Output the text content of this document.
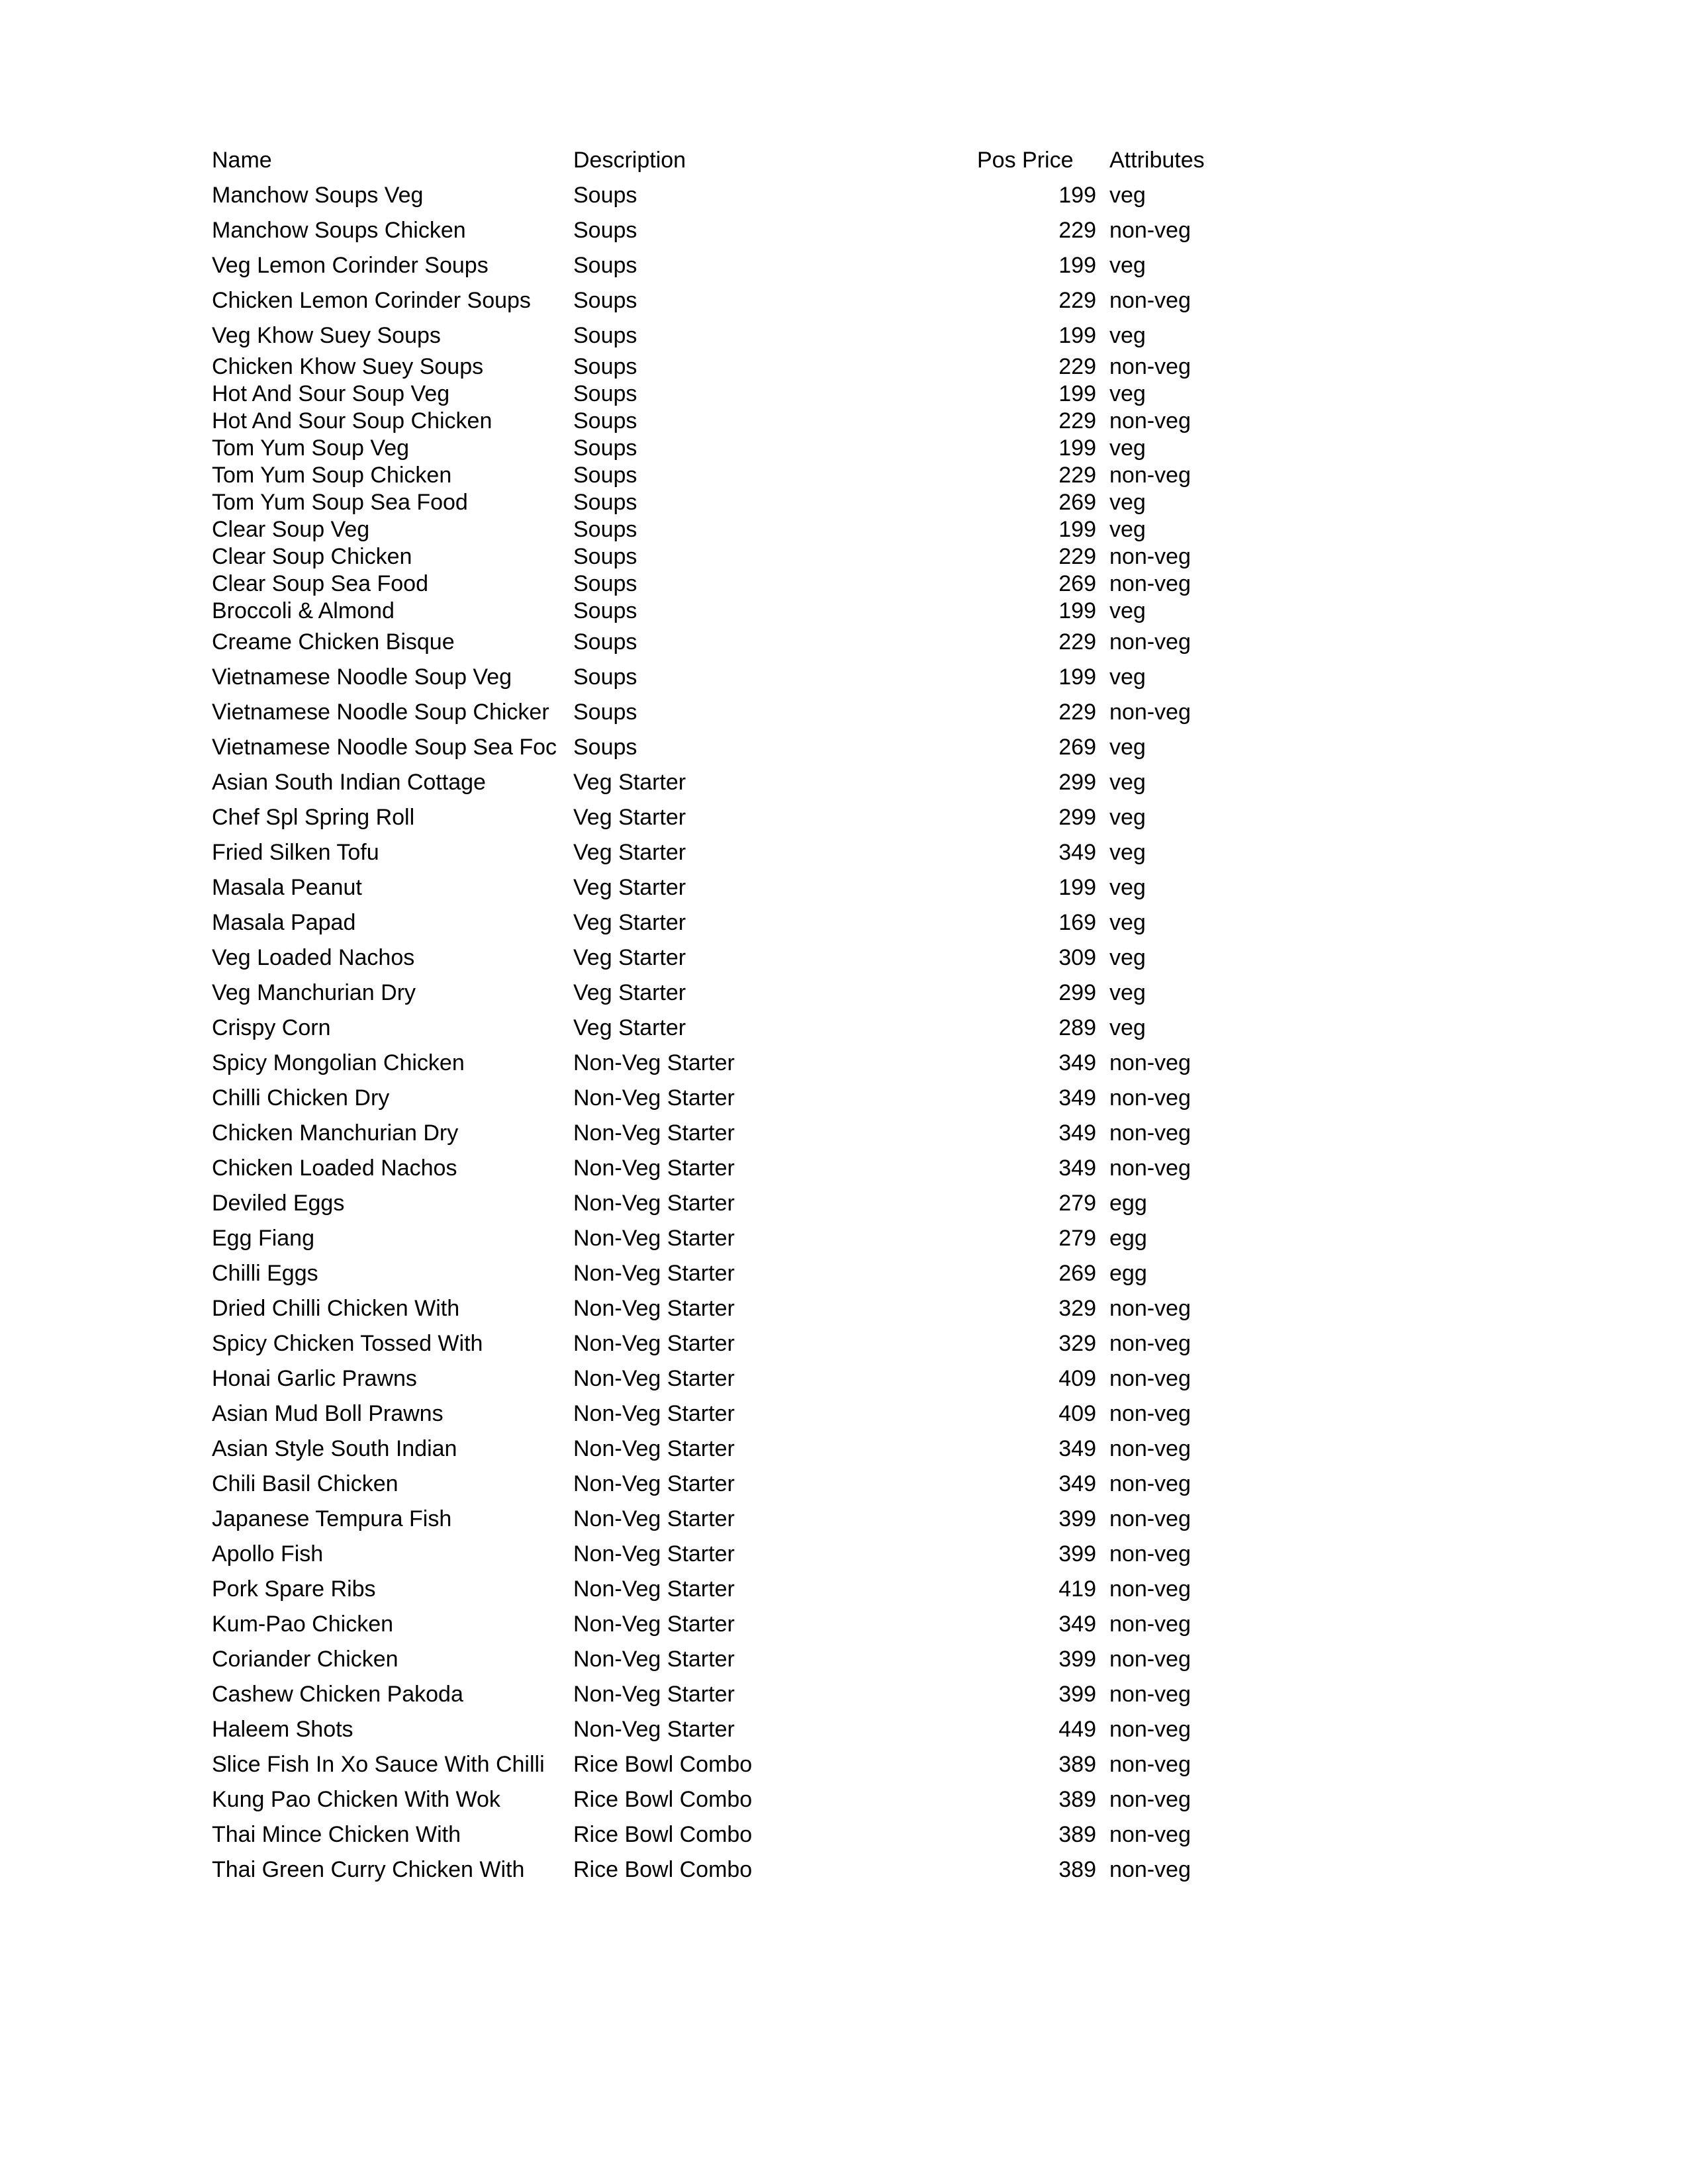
Name	Description	Pos Price	Attributes
Manchow Soups Veg	Soups	199	veg
Manchow Soups Chicken	Soups	229	non-veg
Veg Lemon Corinder Soups	Soups	199	veg
Chicken Lemon Corinder Soups	Soups	229	non-veg
Veg Khow Suey Soups	Soups	199	veg
Chicken Khow Suey Soups	Soups	229	non-veg
Hot And Sour Soup Veg	Soups	199	veg
Hot And Sour Soup Chicken	Soups	229	non-veg
Tom Yum Soup Veg	Soups	199	veg
Tom Yum Soup Chicken	Soups	229	non-veg
Tom Yum Soup Sea Food	Soups	269	veg
Clear Soup Veg	Soups	199	veg
Clear Soup Chicken	Soups	229	non-veg
Clear Soup Sea Food	Soups	269	non-veg
Broccoli & Almond	Soups	199	veg
Creame Chicken Bisque	Soups	229	non-veg
Vietnamese Noodle Soup Veg	Soups	199	veg
Vietnamese Noodle Soup Chicker	Soups	229	non-veg
Vietnamese Noodle Soup Sea Foc	Soups	269	veg
Asian South Indian Cottage	Veg Starter	299	veg
Chef Spl Spring Roll	Veg Starter	299	veg
Fried Silken Tofu	Veg Starter	349	veg
Masala Peanut	Veg Starter	199	veg
Masala Papad	Veg Starter	169	veg
Veg Loaded Nachos	Veg Starter	309	veg
Veg Manchurian Dry	Veg Starter	299	veg
Crispy Corn	Veg Starter	289	veg
Spicy Mongolian Chicken	Non-Veg Starter	349	non-veg
Chilli Chicken Dry	Non-Veg Starter	349	non-veg
Chicken Manchurian Dry	Non-Veg Starter	349	non-veg
Chicken Loaded Nachos	Non-Veg Starter	349	non-veg
Deviled Eggs	Non-Veg Starter	279	egg
Egg Fiang	Non-Veg Starter	279	egg
Chilli Eggs	Non-Veg Starter	269	egg
Dried Chilli Chicken With	Non-Veg Starter	329	non-veg
Spicy Chicken Tossed With	Non-Veg Starter	329	non-veg
Honai Garlic Prawns	Non-Veg Starter	409	non-veg
Asian Mud Boll Prawns	Non-Veg Starter	409	non-veg
Asian Style South Indian	Non-Veg Starter	349	non-veg
Chili Basil Chicken	Non-Veg Starter	349	non-veg
Japanese Tempura Fish	Non-Veg Starter	399	non-veg
Apollo Fish	Non-Veg Starter	399	non-veg
Pork Spare Ribs	Non-Veg Starter	419	non-veg
Kum-Pao Chicken	Non-Veg Starter	349	non-veg
Coriander Chicken	Non-Veg Starter	399	non-veg
Cashew Chicken Pakoda	Non-Veg Starter	399	non-veg
Haleem Shots	Non-Veg Starter	449	non-veg
Slice Fish In Xo Sauce With Chilli	Rice Bowl Combo	389	non-veg
Kung Pao Chicken With Wok	Rice Bowl Combo	389	non-veg
Thai Mince Chicken With	Rice Bowl Combo	389	non-veg
Thai Green Curry Chicken With	Rice Bowl Combo	389	non-veg
